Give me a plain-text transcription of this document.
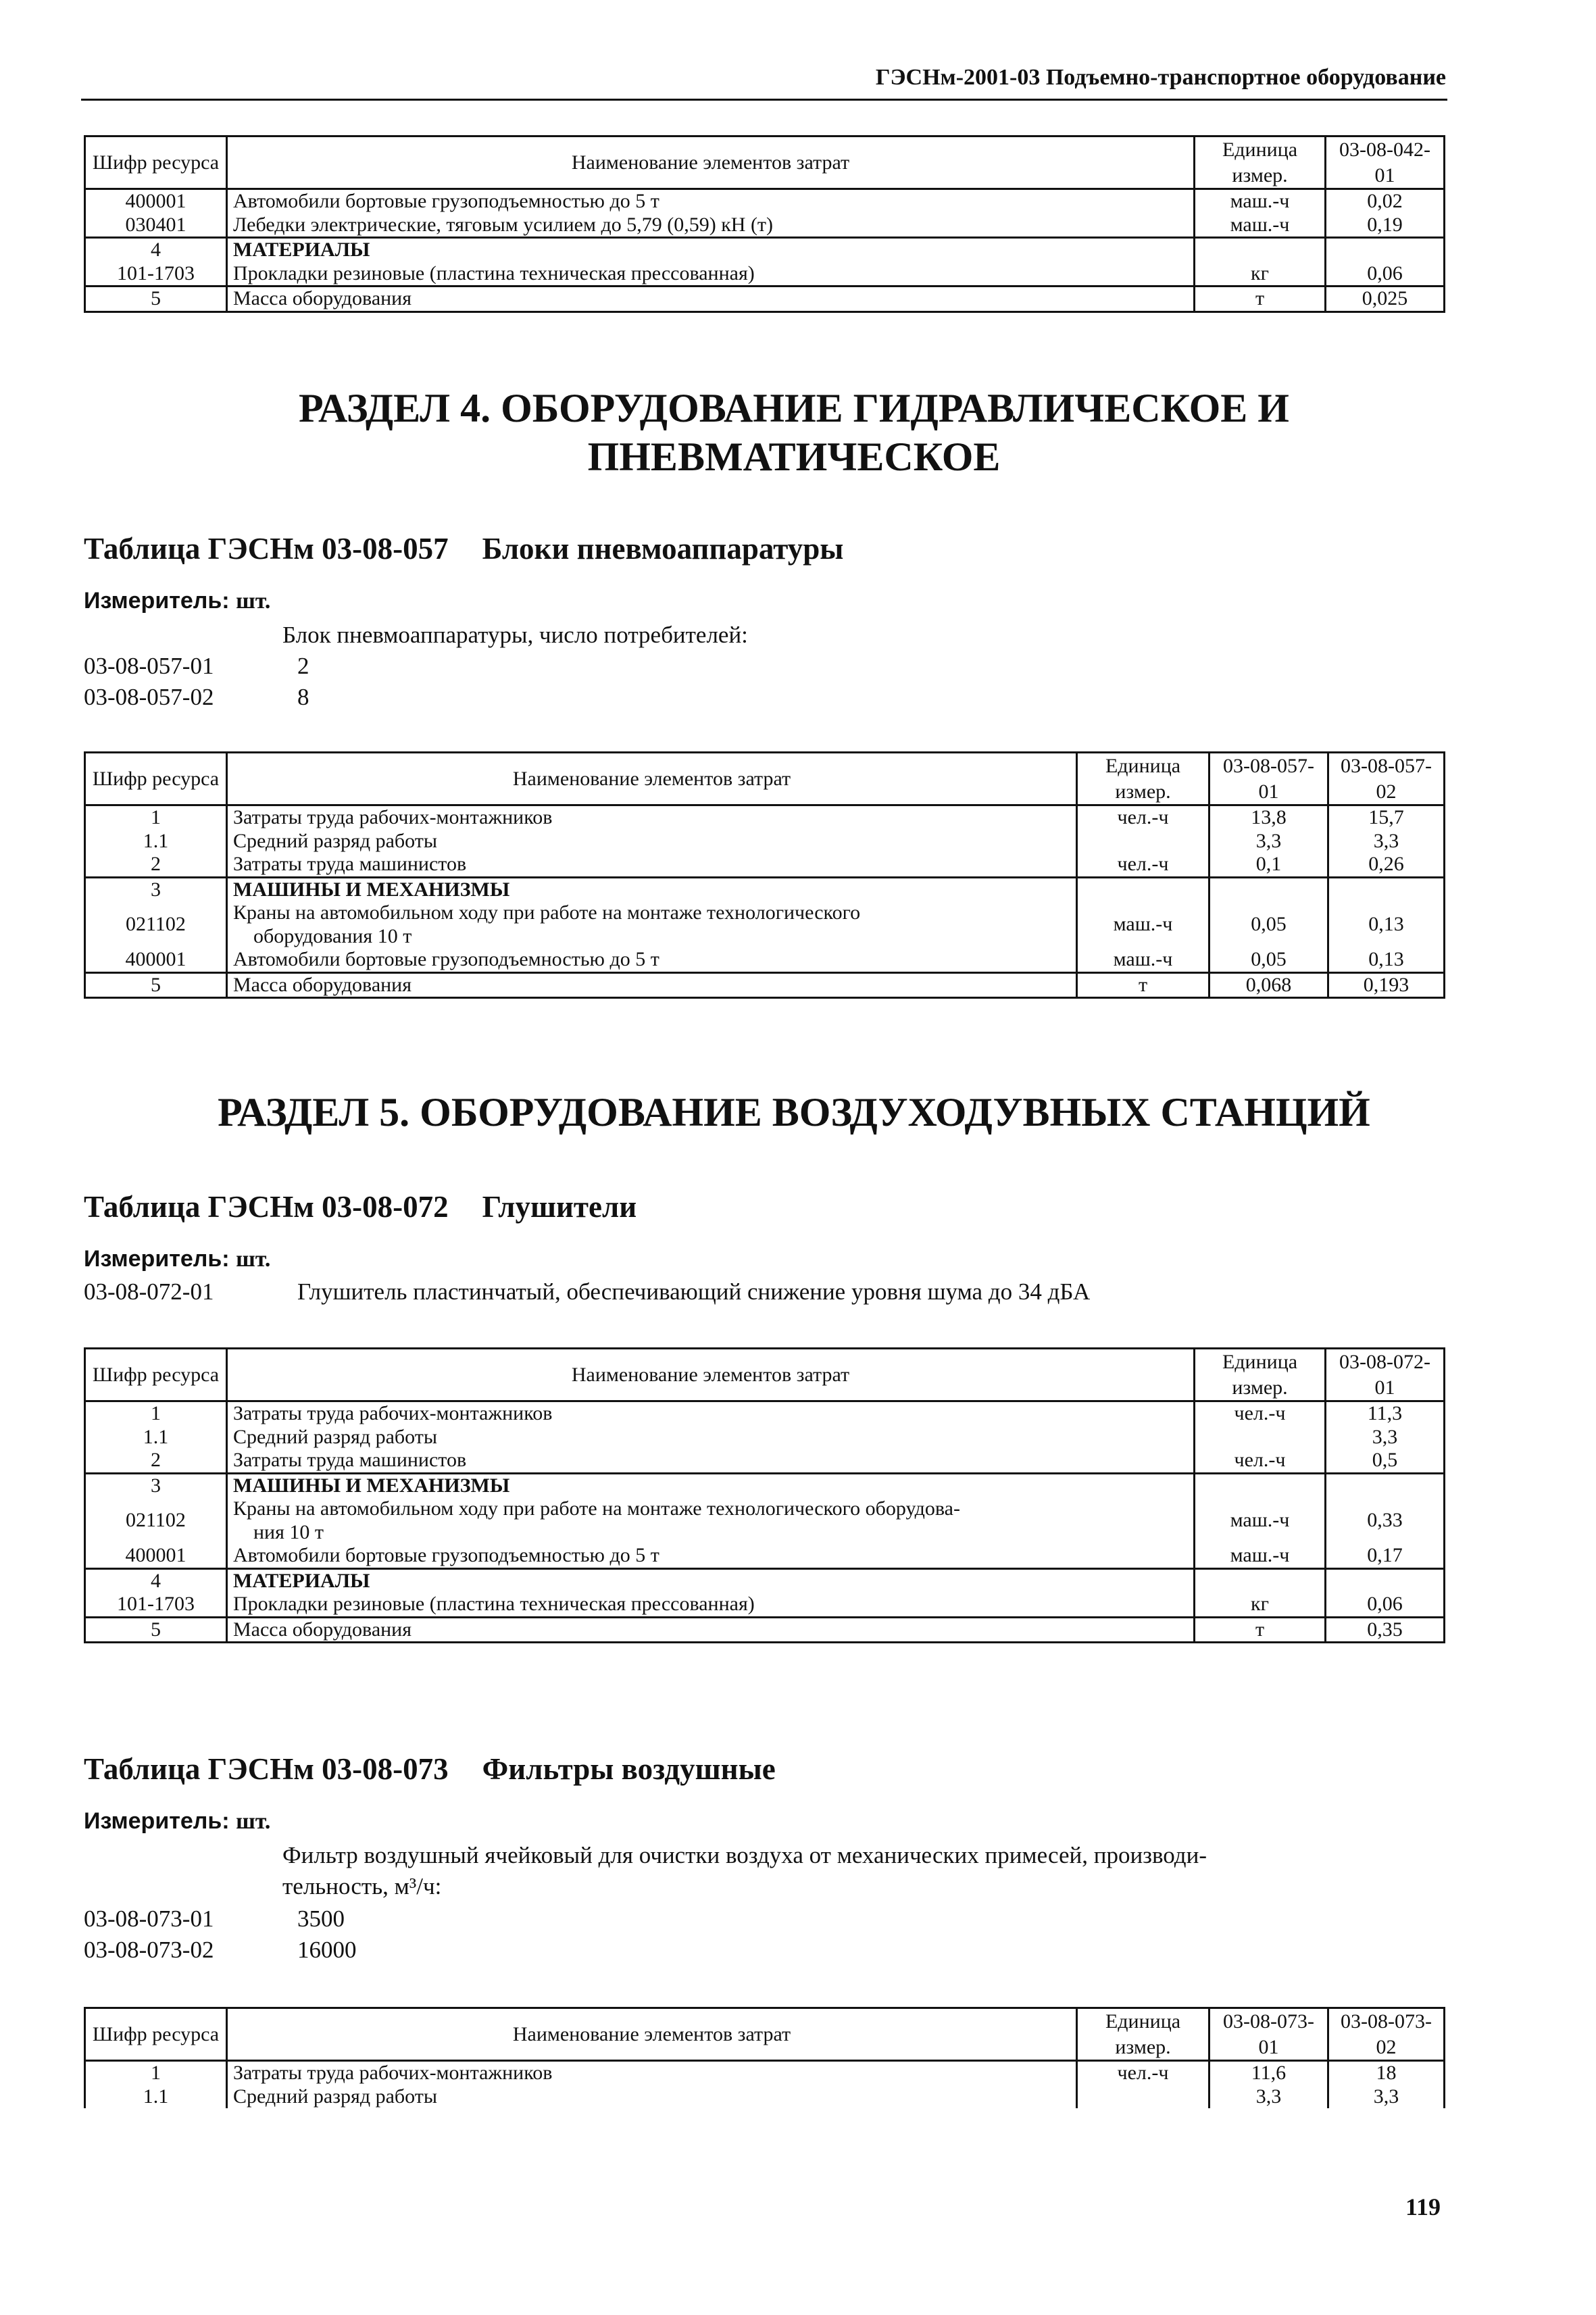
ГЭСНм-2001-03 Подъемно-транспортное оборудование
Шифр ресурса	Наименование элементов затрат	Единица измер.	03-08-042-01
400001	Автомобили бортовые грузоподъемностью до 5 т	маш.-ч	0,02
030401	Лебедки электрические, тяговым усилием до 5,79 (0,59) кН (т)	маш.-ч	0,19
4	МАТЕРИАЛЫ		
101-1703	Прокладки резиновые (пластина техническая прессованная)	кг	0,06
5	Масса оборудования	т	0,025
РАЗДЕЛ 4. ОБОРУДОВАНИЕ ГИДРАВЛИЧЕСКОЕ И
ПНЕВМАТИЧЕСКОЕ
Таблица ГЭСНм 03-08-057 Блоки пневмоаппаратуры
Измеритель: шт.
Блок пневмоаппаратуры, число потребителей:
03-08-057-01	2
03-08-057-02	8
Шифр ресурса	Наименование элементов затрат	Единица измер.	03-08-057-01	03-08-057-02
1	Затраты труда рабочих-монтажников	чел.-ч	13,8	15,7
1.1	Средний разряд работы		3,3	3,3
2	Затраты труда машинистов	чел.-ч	0,1	0,26
3	МАШИНЫ И МЕХАНИЗМЫ			
021102	Краны на автомобильном ходу при работе на монтаже технологического
оборудования 10 т	маш.-ч	0,05	0,13
400001	Автомобили бортовые грузоподъемностью до 5 т	маш.-ч	0,05	0,13
5	Масса оборудования	т	0,068	0,193
РАЗДЕЛ 5. ОБОРУДОВАНИЕ ВОЗДУХОДУВНЫХ СТАНЦИЙ
Таблица ГЭСНм 03-08-072 Глушители
Измеритель: шт.
03-08-072-01	Глушитель пластинчатый, обеспечивающий снижение уровня шума до 34 дБА
Шифр ресурса	Наименование элементов затрат	Единица измер.	03-08-072-01
1	Затраты труда рабочих-монтажников	чел.-ч	11,3
1.1	Средний разряд работы		3,3
2	Затраты труда машинистов	чел.-ч	0,5
3	МАШИНЫ И МЕХАНИЗМЫ		
021102	Краны на автомобильном ходу при работе на монтаже технологического оборудова-
ния 10 т	маш.-ч	0,33
400001	Автомобили бортовые грузоподъемностью до 5 т	маш.-ч	0,17
4	МАТЕРИАЛЫ		
101-1703	Прокладки резиновые (пластина техническая прессованная)	кг	0,06
5	Масса оборудования	т	0,35
Таблица ГЭСНм 03-08-073 Фильтры воздушные
Измеритель: шт.
Фильтр воздушный ячейковый для очистки воздуха от механических примесей, производи-
тельность, м³/ч:
03-08-073-01	3500
03-08-073-02	16000
Шифр ресурса	Наименование элементов затрат	Единица измер.	03-08-073-01	03-08-073-02
1	Затраты труда рабочих-монтажников	чел.-ч	11,6	18
1.1	Средний разряд работы		3,3	3,3
119
